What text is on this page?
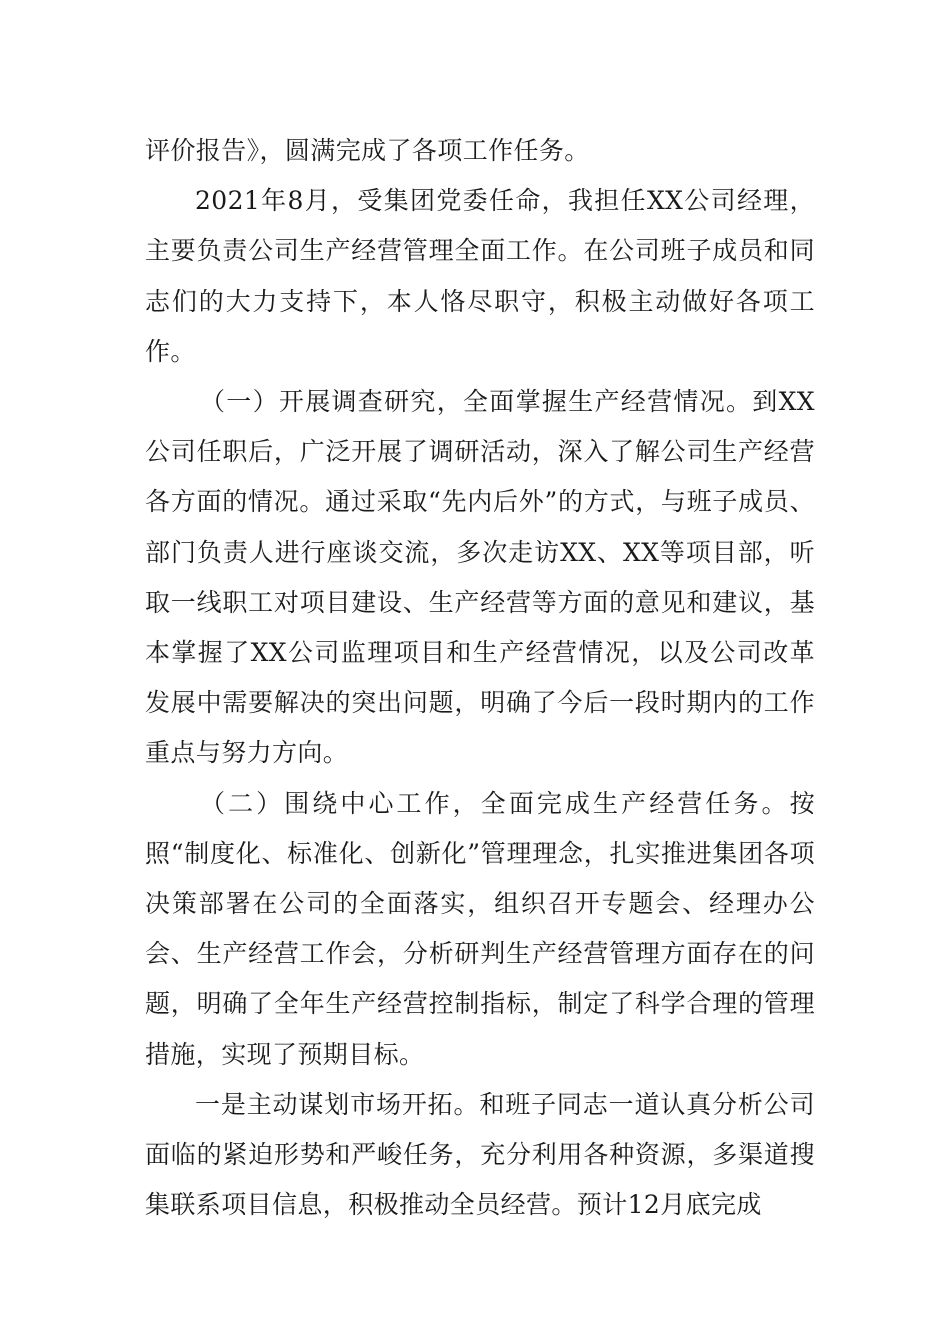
评价报告》，圆满完成了各项工作任务。

2021年8月，受集团党委任命，我担任XX公司经理，主要负责公司生产经营管理全面工作。在公司班子成员和同志们的大力支持下，本人恪尽职守，积极主动做好各项工作。

（一）开展调查研究，全面掌握生产经营情况。到XX公司任职后，广泛开展了调研活动，深入了解公司生产经营各方面的情况。通过采取“先内后外”的方式，与班子成员、部门负责人进行座谈交流，多次走访XX、XX等项目部，听取一线职工对项目建设、生产经营等方面的意见和建议，基本掌握了XX公司监理项目和生产经营情况，以及公司改革发展中需要解决的突出问题，明确了今后一段时期内的工作重点与努力方向。

（二）围绕中心工作，全面完成生产经营任务。按照“制度化、标准化、创新化”管理理念，扎实推进集团各项决策部署在公司的全面落实，组织召开专题会、经理办公会、生产经营工作会，分析研判生产经营管理方面存在的问题，明确了全年生产经营控制指标，制定了科学合理的管理措施，实现了预期目标。

一是主动谋划市场开拓。和班子同志一道认真分析公司面临的紧迫形势和严峻任务，充分利用各种资源，多渠道搜集联系项目信息，积极推动全员经营。预计12月底完成
